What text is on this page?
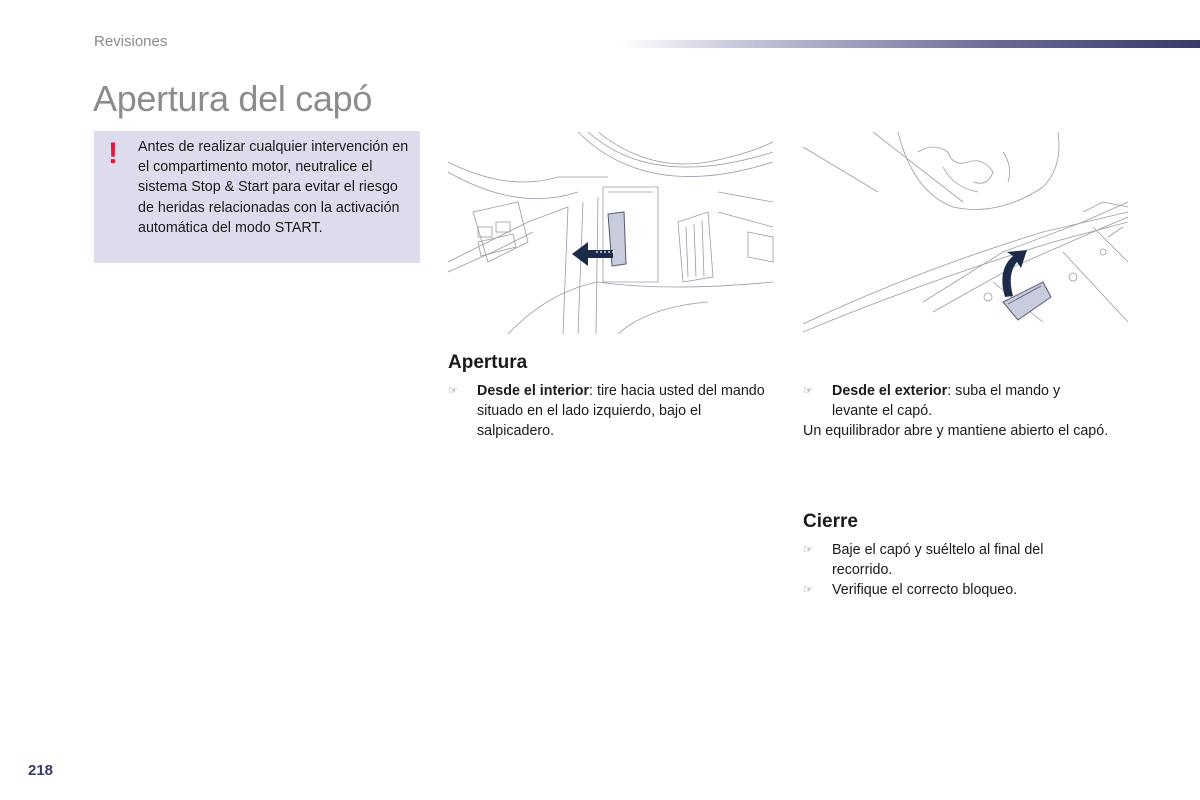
Revisiones
Apertura del capó
! Antes de realizar cualquier intervención en el compartimento motor, neutralice el sistema Stop & Start para evitar el riesgo de heridas relacionadas con la activación automática del modo START.
Apertura
☞ Desde el interior: tire hacia usted del mando situado en el lado izquierdo, bajo el salpicadero.
☞ Desde el exterior: suba el mando y levante el capó.
Un equilibrador abre y mantiene abierto el capó.
Cierre
☞ Baje el capó y suéltelo al final del recorrido.
☞ Verifique el correcto bloqueo.
218
